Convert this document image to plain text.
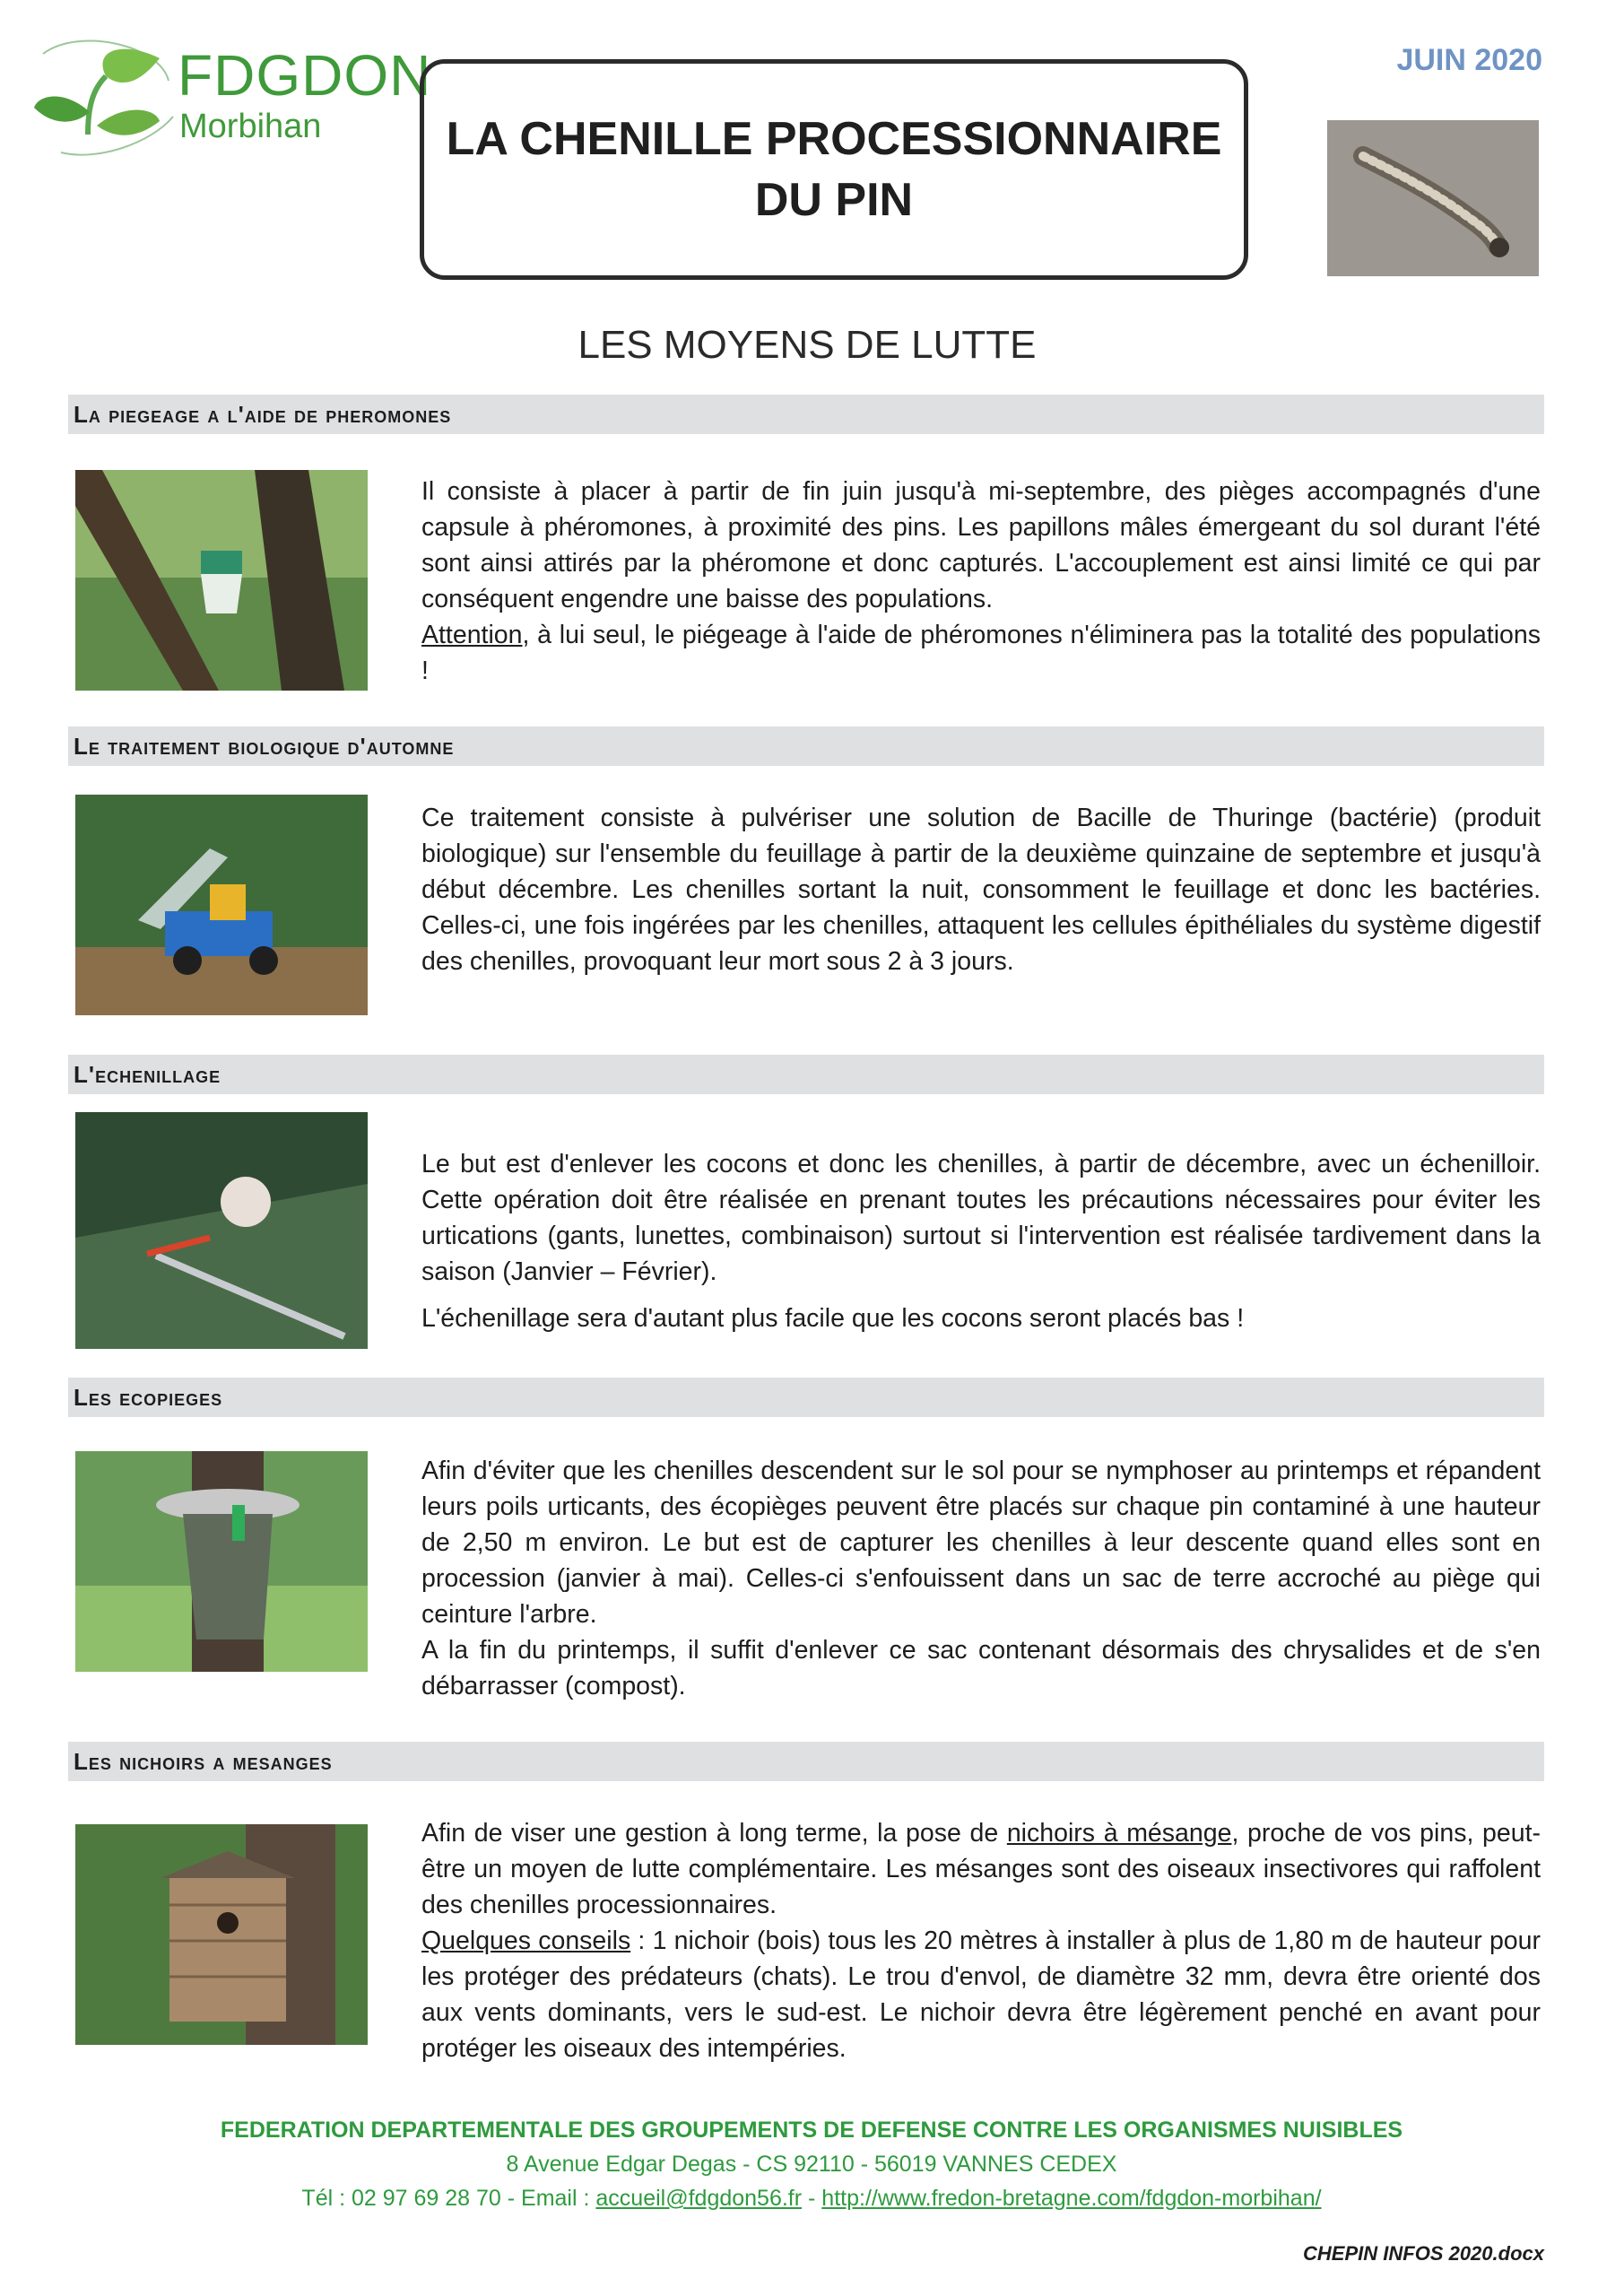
FDGDON
Morbihan	LA CHENILLE PROCESSIONNAIRE
DU PIN
JUIN 2020
LES MOYENS DE LUTTE
La piegeage a l'aide de pheromones

Il consiste à placer à partir de fin juin jusqu'à mi-septembre, des pièges accompagnés d'une capsule à phéromones, à proximité des pins. Les papillons mâles émergeant du sol durant l'été sont ainsi attirés par la phéromone et donc capturés. L'accouplement est ainsi limité ce qui par conséquent engendre une baisse des populations.

Attention, à lui seul, le piégeage à l'aide de phéromones n'éliminera pas la totalité des populations !

Le traitement biologique d'automne

Ce traitement consiste à pulvériser une solution de Bacille de Thuringe (bactérie) (produit biologique) sur l'ensemble du feuillage à partir de la deuxième quinzaine de septembre et jusqu'à début décembre. Les chenilles sortant la nuit, consomment le feuillage et donc les bactéries. Celles-ci, une fois ingérées par les chenilles, attaquent les cellules épithéliales du système digestif des chenilles, provoquant leur mort sous 2 à 3 jours.

L'echenillage

Le but est d'enlever les cocons et donc les chenilles, à partir de décembre, avec un échenilloir. Cette opération doit être réalisée en prenant toutes les précautions nécessaires pour éviter les urtications (gants, lunettes, combinaison) surtout si l'intervention est réalisée tardivement dans la saison (Janvier – Février).

L'échenillage sera d'autant plus facile que les cocons seront placés bas !

Les ecopieges

Afin d'éviter que les chenilles descendent sur le sol pour se nymphoser au printemps et répandent leurs poils urticants, des écopièges peuvent être placés sur chaque pin contaminé à une hauteur de 2,50 m environ. Le but est de capturer les chenilles à leur descente quand elles sont en procession (janvier à mai). Celles-ci s'enfouissent dans un sac de terre accroché au piège qui ceinture l'arbre.

A la fin du printemps, il suffit d'enlever ce sac contenant désormais des chrysalides et de s'en débarrasser (compost).

Les nichoirs a mesanges

Afin de viser une gestion à long terme, la pose de nichoirs à mésange, proche de vos pins, peut-être un moyen de lutte complémentaire. Les mésanges sont des oiseaux insectivores qui raffolent des chenilles processionnaires.

Quelques conseils : 1 nichoir (bois) tous les 20 mètres à installer à plus de 1,80 m de hauteur pour les protéger des prédateurs (chats). Le trou d'envol, de diamètre 32 mm, devra être orienté dos aux vents dominants, vers le sud-est. Le nichoir devra être légèrement penché en avant pour protéger les oiseaux des intempéries.

FEDERATION DEPARTEMENTALE DES GROUPEMENTS DE DEFENSE CONTRE LES ORGANISMES NUISIBLES
8 Avenue Edgar Degas - CS 92110 - 56019 VANNES CEDEX
Tél : 02 97 69 28 70 - Email : accueil@fdgdon56.fr - http://www.fredon-bretagne.com/fdgdon-morbihan/
CHEPIN INFOS 2020.docx
